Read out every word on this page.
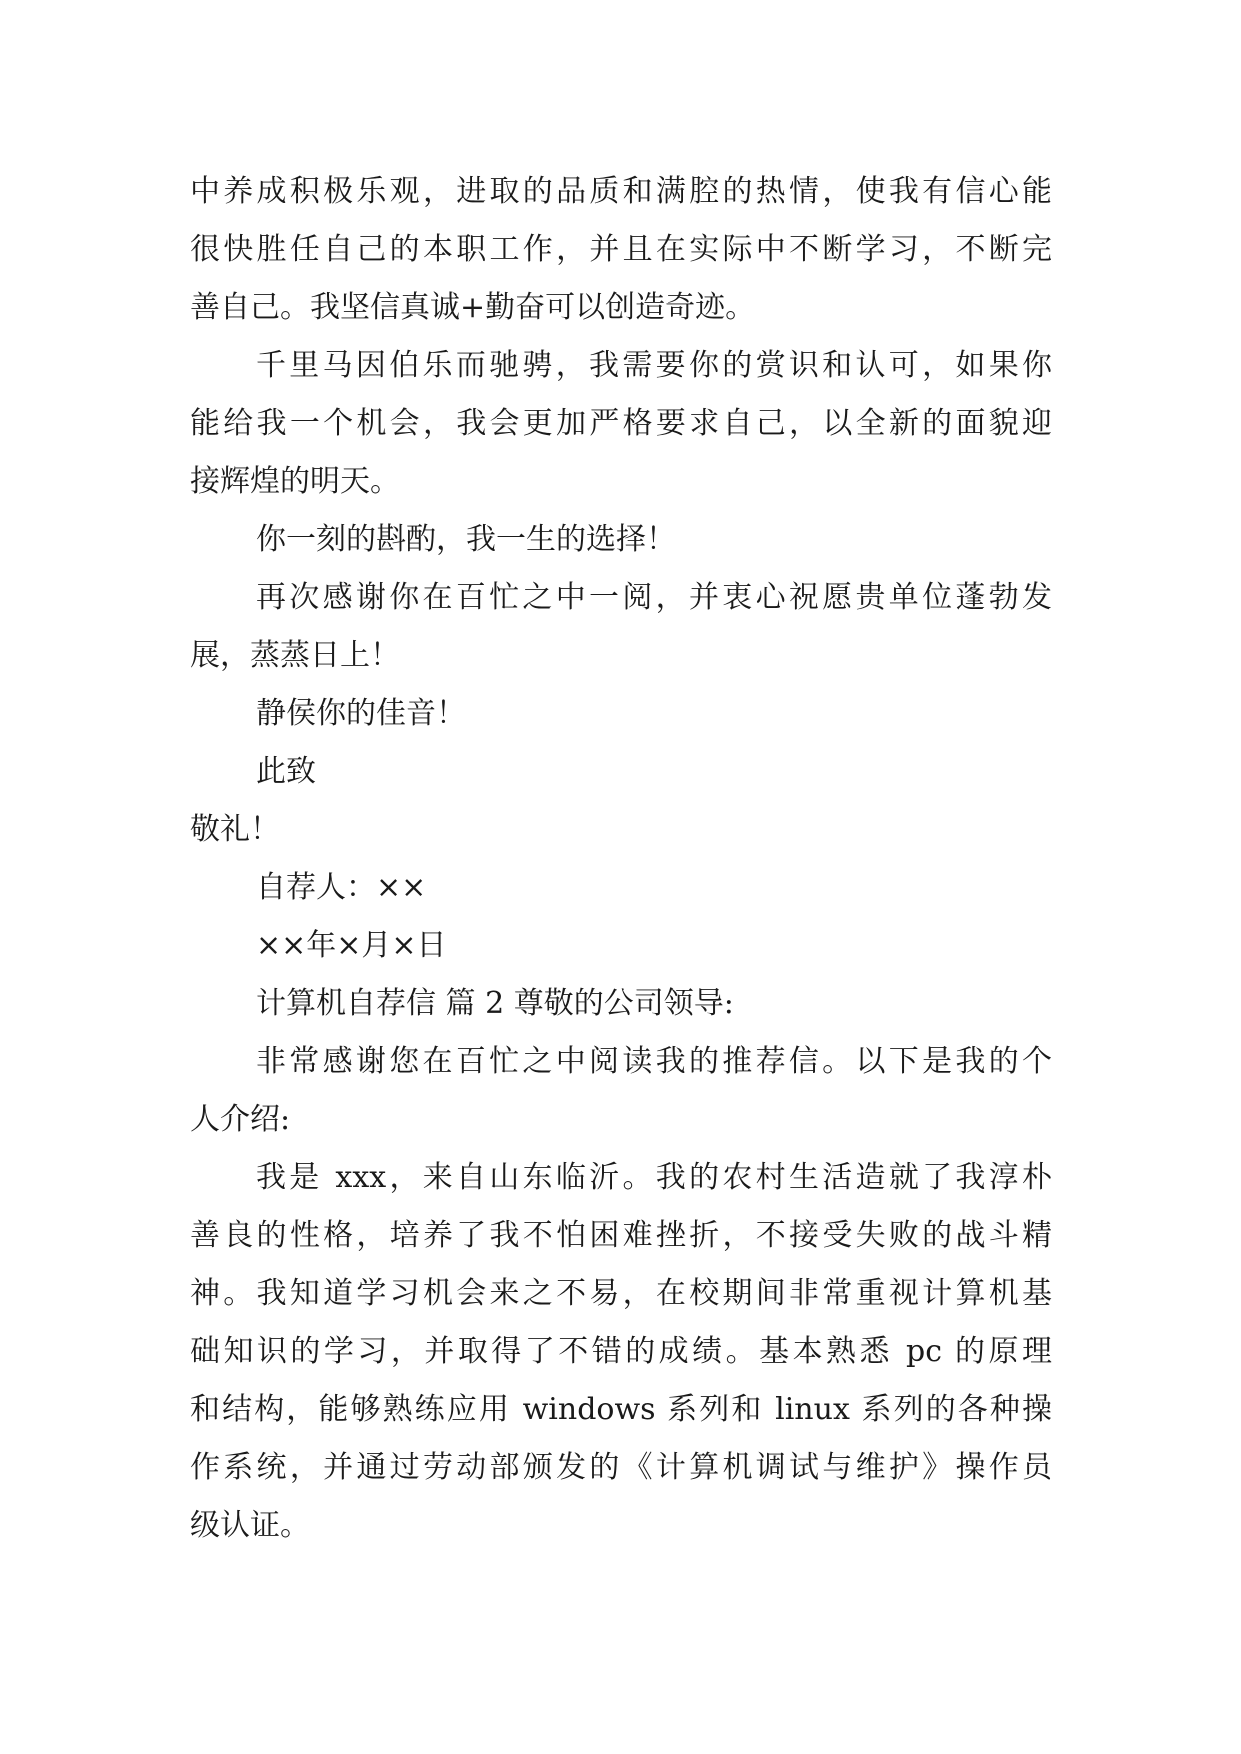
中养成积极乐观，进取的品质和满腔的热情，使我有信心能
很快胜任自己的本职工作，并且在实际中不断学习，不断完
善自己。我坚信真诚+勤奋可以创造奇迹。
千里马因伯乐而驰骋，我需要你的赏识和认可，如果你
能给我一个机会，我会更加严格要求自己，以全新的面貌迎
接辉煌的明天。
你一刻的斟酌，我一生的选择！
再次感谢你在百忙之中一阅，并衷心祝愿贵单位蓬勃发
展，蒸蒸日上！
静侯你的佳音！
此致
敬礼！
自荐人：××
××年×月×日
计算机自荐信 篇 2 尊敬的公司领导:
非常感谢您在百忙之中阅读我的推荐信。以下是我的个
人介绍:
我是 xxx，来自山东临沂。我的农村生活造就了我淳朴
善良的性格，培养了我不怕困难挫折，不接受失败的战斗精
神。我知道学习机会来之不易，在校期间非常重视计算机基
础知识的学习，并取得了不错的成绩。基本熟悉 pc 的原理
和结构，能够熟练应用 windows 系列和 linux 系列的各种操
作系统，并通过劳动部颁发的《计算机调试与维护》操作员
级认证。
